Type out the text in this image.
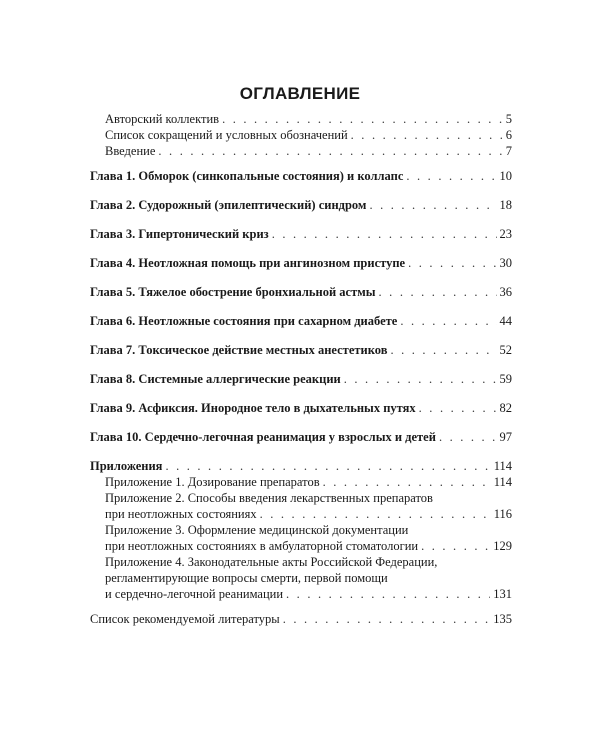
ОГЛАВЛЕНИЕ
Авторский коллектив . . .	5
Список сокращений и условных обозначений . . .	6
Введение . . .	7
Глава 1. Обморок (синкопальные состояния) и коллапс . . .	10
Глава 2. Судорожный (эпилептический) синдром . . .	18
Глава 3. Гипертонический криз . . .	23
Глава 4. Неотложная помощь при ангинозном приступе . . .	30
Глава 5. Тяжелое обострение бронхиальной астмы . . .	36
Глава 6. Неотложные состояния при сахарном диабете . . .	44
Глава 7. Токсическое действие местных анестетиков . . .	52
Глава 8. Системные аллергические реакции . . .	59
Глава 9. Асфиксия. Инородное тело в дыхательных путях . . .	82
Глава 10. Сердечно-легочная реанимация у взрослых и детей . . .	97
Приложения . . .	114
Приложение 1. Дозирование препаратов . . .	114
Приложение 2. Способы введения лекарственных препаратов
при неотложных состояниях . . .	116
Приложение 3. Оформление медицинской документации
при неотложных состояниях в амбулаторной стоматологии . . .	129
Приложение 4. Законодательные акты Российской Федерации,
регламентирующие вопросы смерти, первой помощи
и сердечно-легочной реанимации . . .	131
Список рекомендуемой литературы . . .	135
